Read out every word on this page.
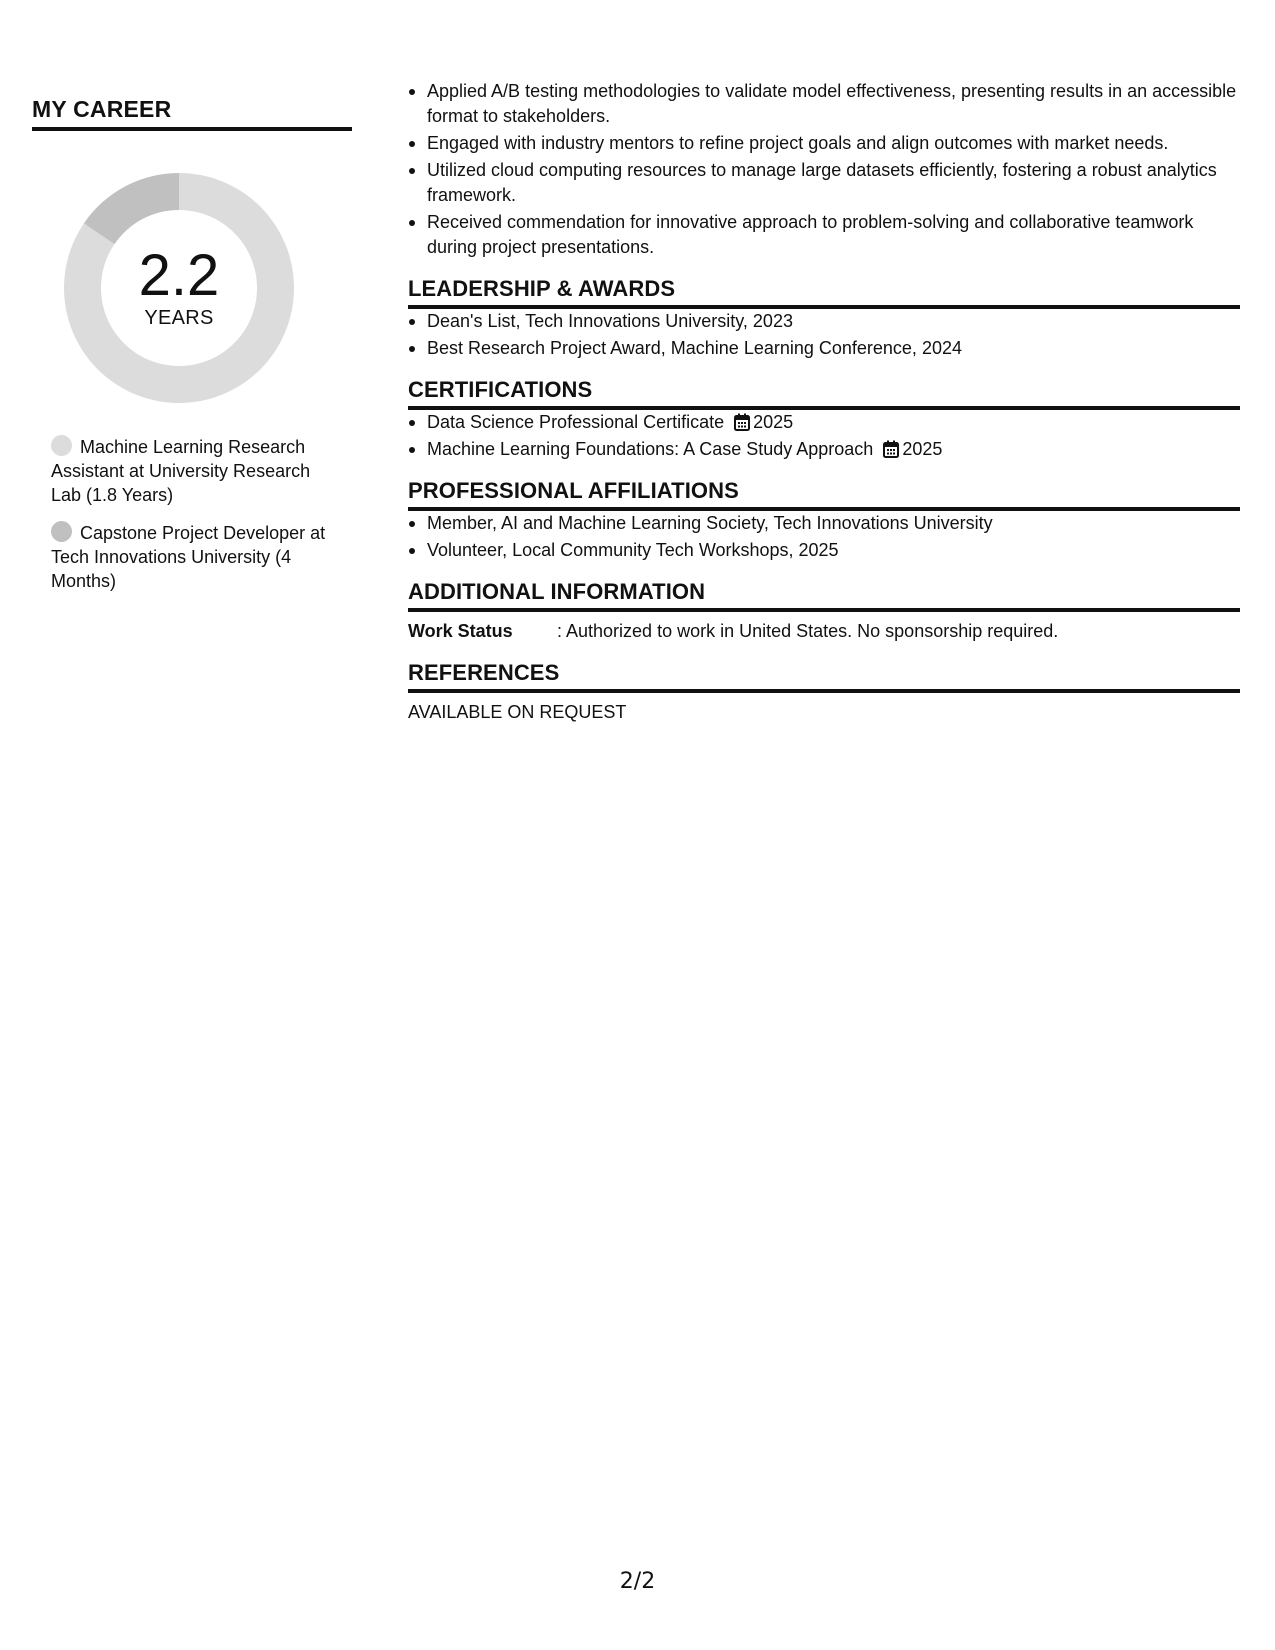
MY CAREER
2.2
YEARS
Machine Learning Research Assistant at University Research Lab (1.8 Years)
Capstone Project Developer at Tech Innovations University (4 Months)
Applied A/B testing methodologies to validate model effectiveness, presenting results in an accessible format to stakeholders.
Engaged with industry mentors to refine project goals and align outcomes with market needs.
Utilized cloud computing resources to manage large datasets efficiently, fostering a robust analytics framework.
Received commendation for innovative approach to problem-solving and collaborative teamwork during project presentations.
LEADERSHIP & AWARDS
Dean's List, Tech Innovations University, 2023
Best Research Project Award, Machine Learning Conference, 2024
CERTIFICATIONS
Data Science Professional Certificate 2025
Machine Learning Foundations: A Case Study Approach 2025
PROFESSIONAL AFFILIATIONS
Member, AI and Machine Learning Society, Tech Innovations University
Volunteer, Local Community Tech Workshops, 2025
ADDITIONAL INFORMATION
Work Status	: Authorized to work in United States. No sponsorship required.
REFERENCES
AVAILABLE ON REQUEST
2/2
